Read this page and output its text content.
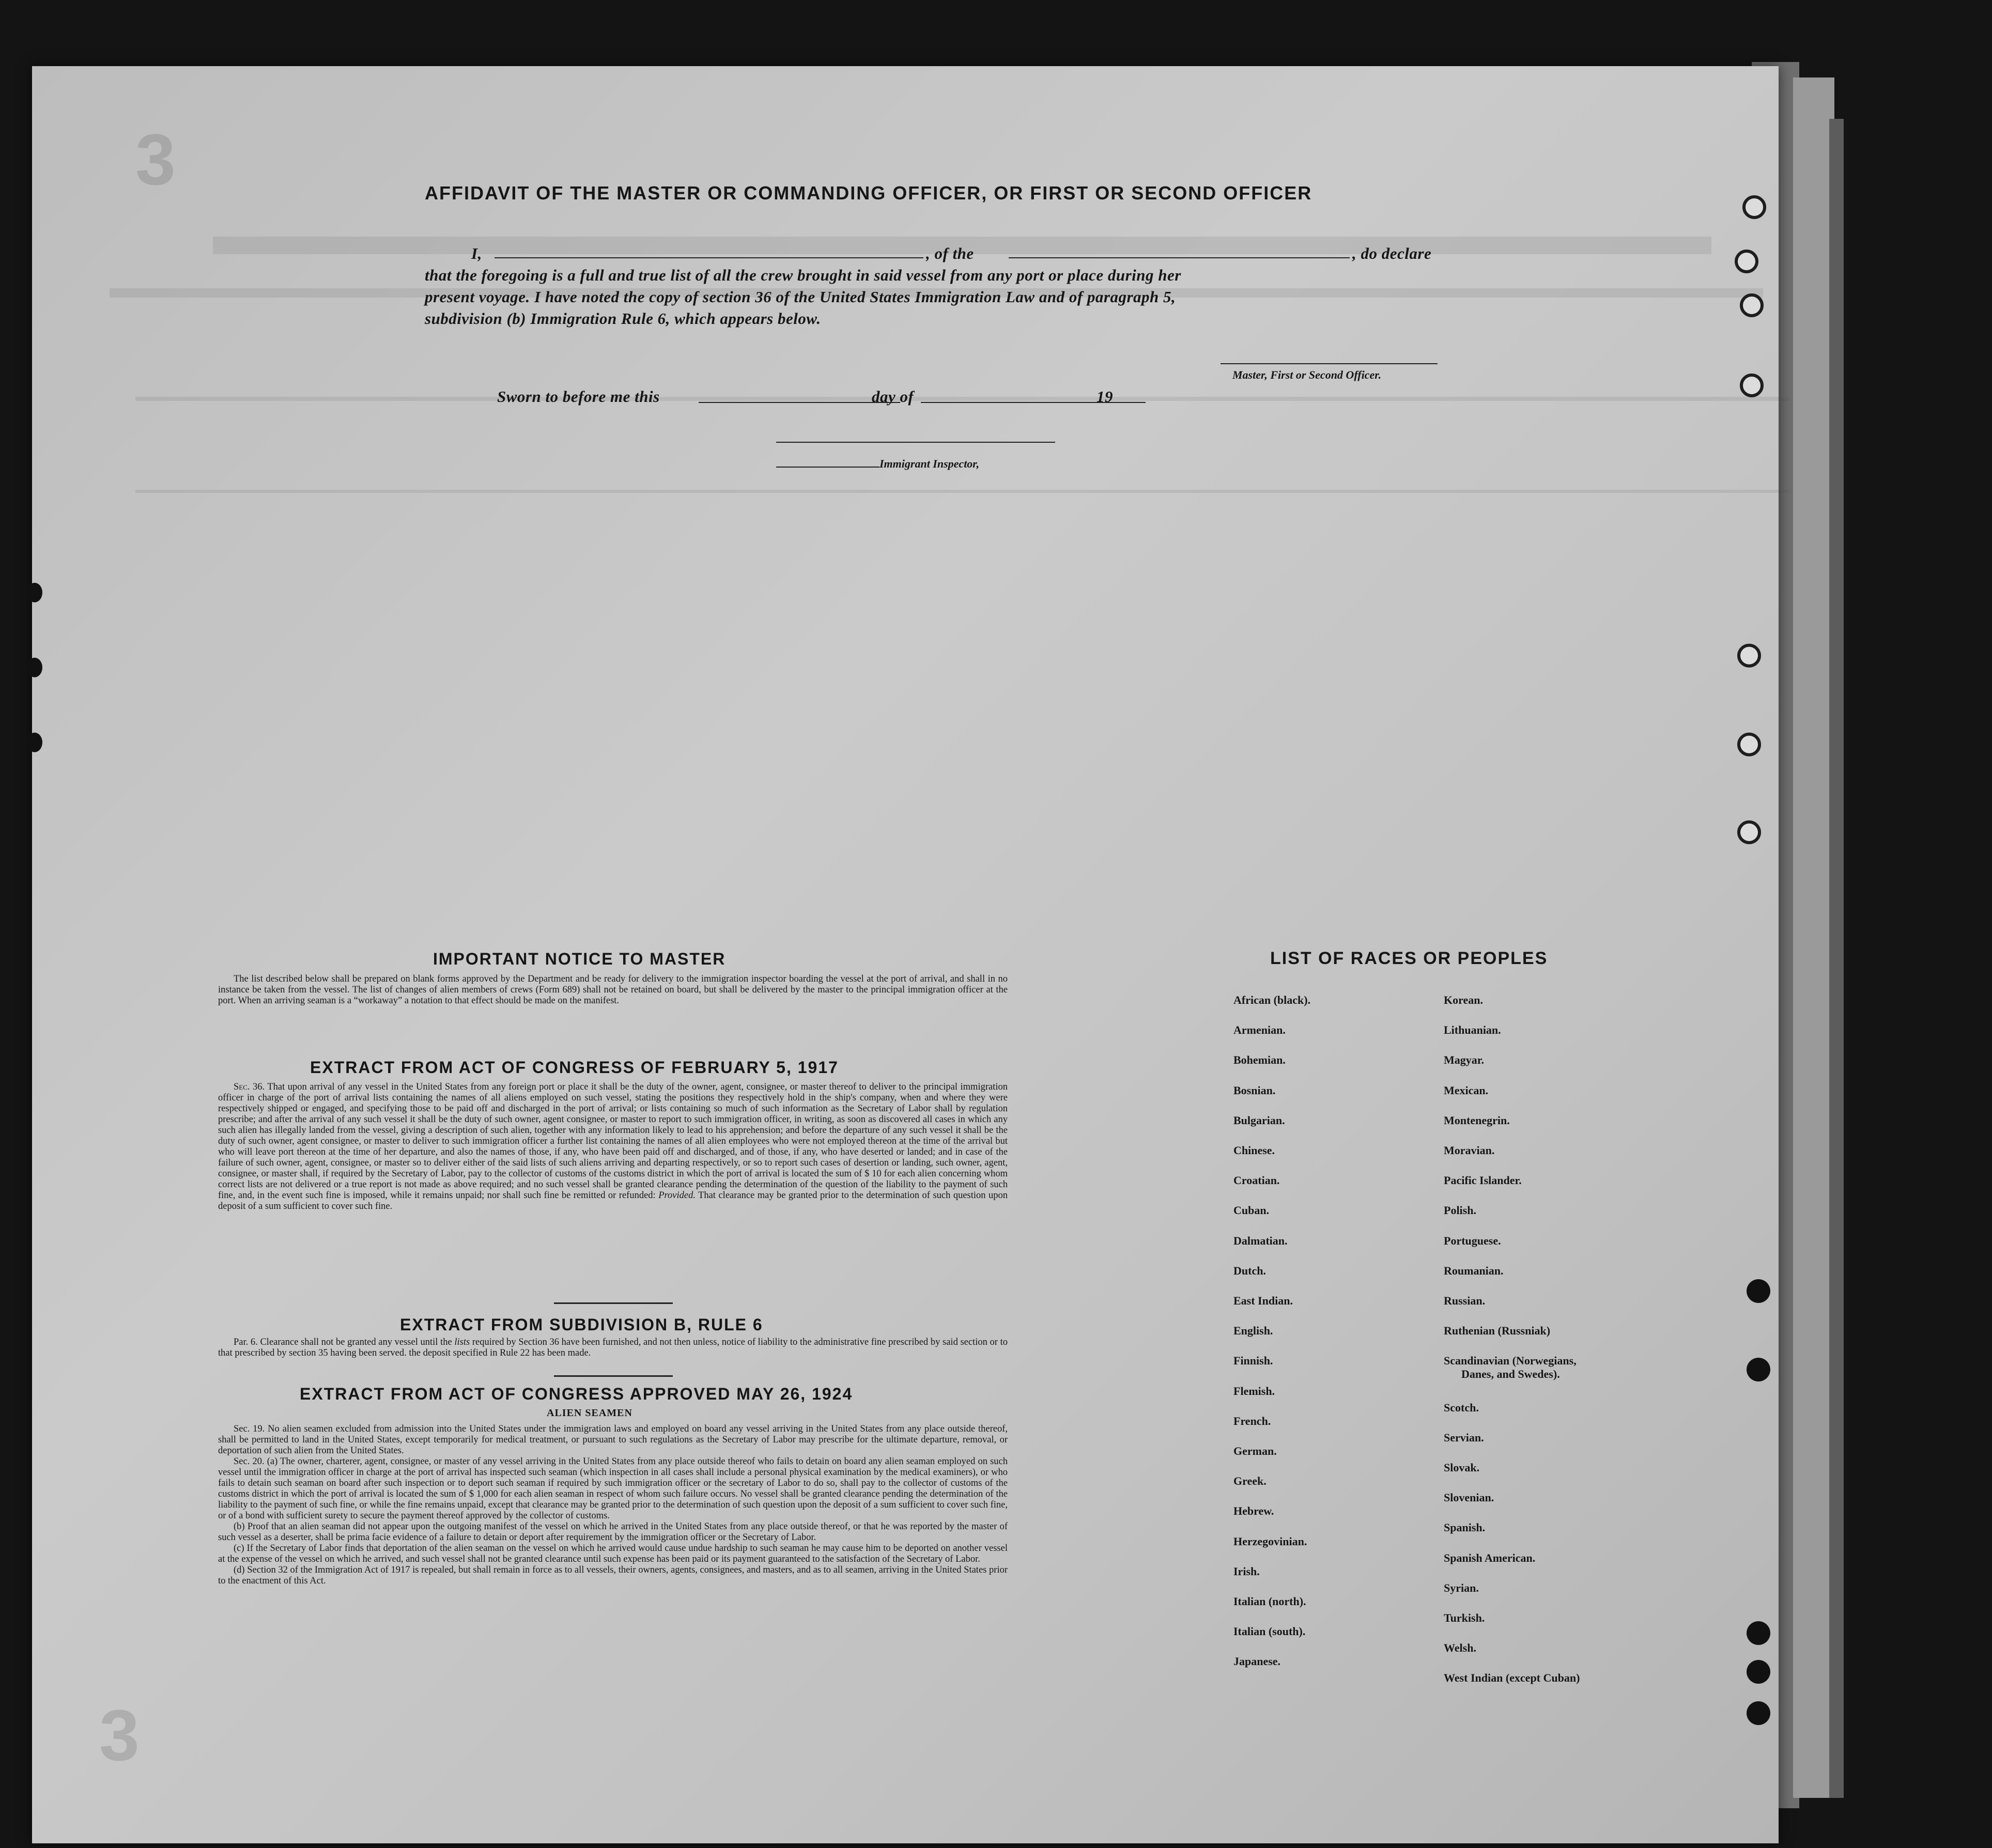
3
3
AFFIDAVIT OF THE MASTER OR COMMANDING OFFICER, OR FIRST OR SECOND OFFICER
I,	, of the	, do declare
that the foregoing is a full and true list of all the crew brought in said vessel from any port or place during her
present voyage. I have noted the copy of section 36 of the United States Immigration Law and of paragraph 5,
subdivision (b) Immigration Rule 6, which appears below.
Master, First or Second Officer.
Sworn to before me this	day of	19
Immigrant Inspector,
IMPORTANT NOTICE TO MASTER

The list described below shall be prepared on blank forms approved by the Department and be ready for delivery to the immigration inspector boarding the vessel at the port of arrival, and shall in no instance be taken from the vessel. The list of changes of alien members of crews (Form 689) shall not be retained on board, but shall be delivered by the master to the principal immigration officer at the port. When an arriving seaman is a “workaway” a notation to that effect should be made on the manifest.

EXTRACT FROM ACT OF CONGRESS OF FEBRUARY 5, 1917

Sec. 36. That upon arrival of any vessel in the United States from any foreign port or place it shall be the duty of the owner, agent, consignee, or master thereof to deliver to the principal immigration officer in charge of the port of arrival lists containing the names of all aliens employed on such vessel, stating the positions they respectively hold in the ship's company, when and where they were respectively shipped or engaged, and specifying those to be paid off and discharged in the port of arrival; or lists containing so much of such information as the Secretary of Labor shall by regulation prescribe; and after the arrival of any such vessel it shall be the duty of such owner, agent consignee, or master to report to such immigration officer, in writing, as soon as discovered all cases in which any such alien has illegally landed from the vessel, giving a description of such alien, together with any information likely to lead to his apprehension; and before the departure of any such vessel it shall be the duty of such owner, agent consignee, or master to deliver to such immigration officer a further list containing the names of all alien employees who were not employed thereon at the time of the arrival but who will leave port thereon at the time of her departure, and also the names of those, if any, who have been paid off and discharged, and of those, if any, who have deserted or landed; and in case of the failure of such owner, agent, consignee, or master so to deliver either of the said lists of such aliens arriving and departing respectively, or so to report such cases of desertion or landing, such owner, agent, consignee, or master shall, if required by the Secretary of Labor, pay to the collector of customs of the customs district in which the port of arrival is located the sum of $ 10 for each alien concerning whom correct lists are not delivered or a true report is not made as above required; and no such vessel shall be granted clearance pending the determination of the question of the liability to the payment of such fine, and, in the event such fine is imposed, while it remains unpaid; nor shall such fine be remitted or refunded: Provided. That clearance may be granted prior to the determination of such question upon deposit of a sum sufficient to cover such fine.

EXTRACT FROM SUBDIVISION B, RULE 6

Par. 6. Clearance shall not be granted any vessel until the lists required by Section 36 have been furnished, and not then unless, notice of liability to the administrative fine prescribed by said section or to that prescribed by section 35 having been served. the deposit specified in Rule 22 has been made.

EXTRACT FROM ACT OF CONGRESS APPROVED MAY 26, 1924
ALIEN SEAMEN

Sec. 19. No alien seamen excluded from admission into the United States under the immigration laws and employed on board any vessel arriving in the United States from any place outside thereof, shall be permitted to land in the United States, except temporarily for medical treatment, or pursuant to such regulations as the Secretary of Labor may prescribe for the ultimate departure, removal, or deportation of such alien from the United States.

Sec. 20. (a) The owner, charterer, agent, consignee, or master of any vessel arriving in the United States from any place outside thereof who fails to detain on board any alien seaman employed on such vessel until the immigration officer in charge at the port of arrival has inspected such seaman (which inspection in all cases shall include a personal physical examination by the medical examiners), or who fails to detain such seaman on board after such inspection or to deport such seaman if required by such immigration officer or the secretary of Labor to do so, shall pay to the collector of customs of the customs district in which the port of arrival is located the sum of $ 1,000 for each alien seaman in respect of whom such failure occurs. No vessel shall be granted clearance pending the determination of the liability to the payment of such fine, or while the fine remains unpaid, except that clearance may be granted prior to the determination of such question upon the deposit of a sum sufficient to cover such fine, or of a bond with sufficient surety to secure the payment thereof approved by the collector of customs.

(b) Proof that an alien seaman did not appear upon the outgoing manifest of the vessel on which he arrived in the United States from any place outside thereof, or that he was reported by the master of such vessel as a deserter, shall be prima facie evidence of a failure to detain or deport after requirement by the immigration officer or the Secretary of Labor.

(c) If the Secretary of Labor finds that deportation of the alien seaman on the vessel on which he arrived would cause undue hardship to such seaman he may cause him to be deported on another vessel at the expense of the vessel on which he arrived, and such vessel shall not be granted clearance until such expense has been paid or its payment guaranteed to the satisfaction of the Secretary of Labor.

(d) Section 32 of the Immigration Act of 1917 is repealed, but shall remain in force as to all vessels, their owners, agents, consignees, and masters, and as to all seamen, arriving in the United States prior to the enactment of this Act.

LIST OF RACES OR PEOPLES
African (black).
Armenian.
Bohemian.
Bosnian.
Bulgarian.
Chinese.
Croatian.
Cuban.
Dalmatian.
Dutch.
East Indian.
English.
Finnish.
Flemish.
French.
German.
Greek.
Hebrew.
Herzegovinian.
Irish.
Italian (north).
Italian (south).
Japanese.
Korean.
Lithuanian.
Magyar.
Mexican.
Montenegrin.
Moravian.
Pacific Islander.
Polish.
Portuguese.
Roumanian.
Russian.
Ruthenian (Russniak)
Scandinavian (Norwegians,
Danes, and Swedes).
Scotch.
Servian.
Slovak.
Slovenian.
Spanish.
Spanish American.
Syrian.
Turkish.
Welsh.
West Indian (except Cuban)
